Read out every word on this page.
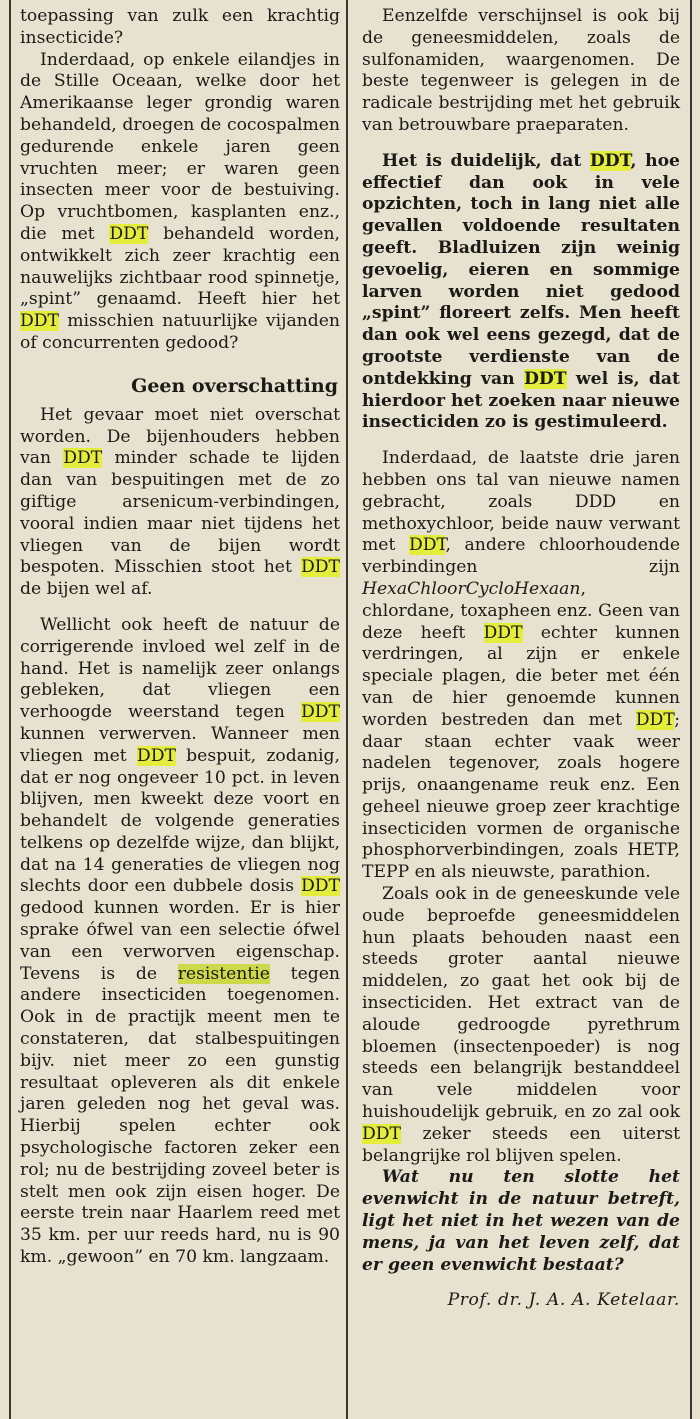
toepassing van zulk een krachtig insecticide?

Inderdaad, op enkele eilandjes in de Stille Oceaan, welke door het Amerikaanse leger grondig waren behandeld, droegen de cocospalmen gedurende enkele jaren geen vruchten meer; er waren geen insecten meer voor de bestuiving. Op vruchtbomen, kasplanten enz., die met DDT behandeld worden, ontwikkelt zich zeer krachtig een nauwelijks zichtbaar rood spinnetje, „spint” genaamd. Heeft hier het DDT misschien natuurlijke vijanden of concurrenten gedood?

Geen overschatting

Het gevaar moet niet overschat worden. De bijenhouders hebben van DDT minder schade te lijden dan van bespuitingen met de zo giftige arsenicum-verbindingen, vooral indien maar niet tijdens het vliegen van de bijen wordt bespoten. Misschien stoot het DDT de bijen wel af.

Wellicht ook heeft de natuur de corrigerende invloed wel zelf in de hand. Het is namelijk zeer onlangs gebleken, dat vliegen een verhoogde weerstand tegen DDT kunnen verwerven. Wanneer men vliegen met DDT bespuit, zodanig, dat er nog ongeveer 10 pct. in leven blijven, men kweekt deze voort en behandelt de volgende generaties telkens op dezelfde wijze, dan blijkt, dat na 14 generaties de vliegen nog slechts door een dubbele dosis DDT gedood kunnen worden. Er is hier sprake ófwel van een selectie ófwel van een verworven eigenschap. Tevens is de resistentie tegen andere insecticiden toegenomen. Ook in de practijk meent men te constateren, dat stalbespuitingen bijv. niet meer zo een gunstig resultaat opleveren als dit enkele jaren geleden nog het geval was. Hierbij spelen echter ook psychologische factoren zeker een rol; nu de bestrijding zoveel beter is stelt men ook zijn eisen hoger. De eerste trein naar Haarlem reed met 35 km. per uur reeds hard, nu is 90 km. „gewoon” en 70 km. langzaam.

Eenzelfde verschijnsel is ook bij de geneesmiddelen, zoals de sulfonamiden, waargenomen. De beste tegenweer is gelegen in de radicale bestrijding met het gebruik van betrouwbare praeparaten.

Het is duidelijk, dat DDT, hoe effectief dan ook in vele opzichten, toch in lang niet alle gevallen voldoende resultaten geeft. Bladluizen zijn weinig gevoelig, eieren en sommige larven worden niet gedood „spint” floreert zelfs. Men heeft dan ook wel eens gezegd, dat de grootste verdienste van de ontdekking van DDT wel is, dat hierdoor het zoeken naar nieuwe insecticiden zo is gestimuleerd.

Inderdaad, de laatste drie jaren hebben ons tal van nieuwe namen gebracht, zoals DDD en methoxychloor, beide nauw verwant met DDT, andere chloorhoudende verbindingen zijn HexaChloorCycloHexaan, chlordane, toxapheen enz. Geen van deze heeft DDT echter kunnen verdringen, al zijn er enkele speciale plagen, die beter met één van de hier genoemde kunnen worden bestreden dan met DDT; daar staan echter vaak weer nadelen tegenover, zoals hogere prijs, onaangename reuk enz. Een geheel nieuwe groep zeer krachtige insecticiden vormen de organische phosphorverbindingen, zoals HETP, TEPP en als nieuwste, parathion.

Zoals ook in de geneeskunde vele oude beproefde geneesmiddelen hun plaats behouden naast een steeds groter aantal nieuwe middelen, zo gaat het ook bij de insecticiden. Het extract van de aloude gedroogde pyrethrum bloemen (insectenpoeder) is nog steeds een belangrijk bestanddeel van vele middelen voor huishoudelijk gebruik, en zo zal ook DDT zeker steeds een uiterst belangrijke rol blijven spelen.

Wat nu ten slotte het evenwicht in de natuur betreft, ligt het niet in het wezen van de mens, ja van het leven zelf, dat er geen evenwicht bestaat?

Prof. dr. J. A. A. Ketelaar.
